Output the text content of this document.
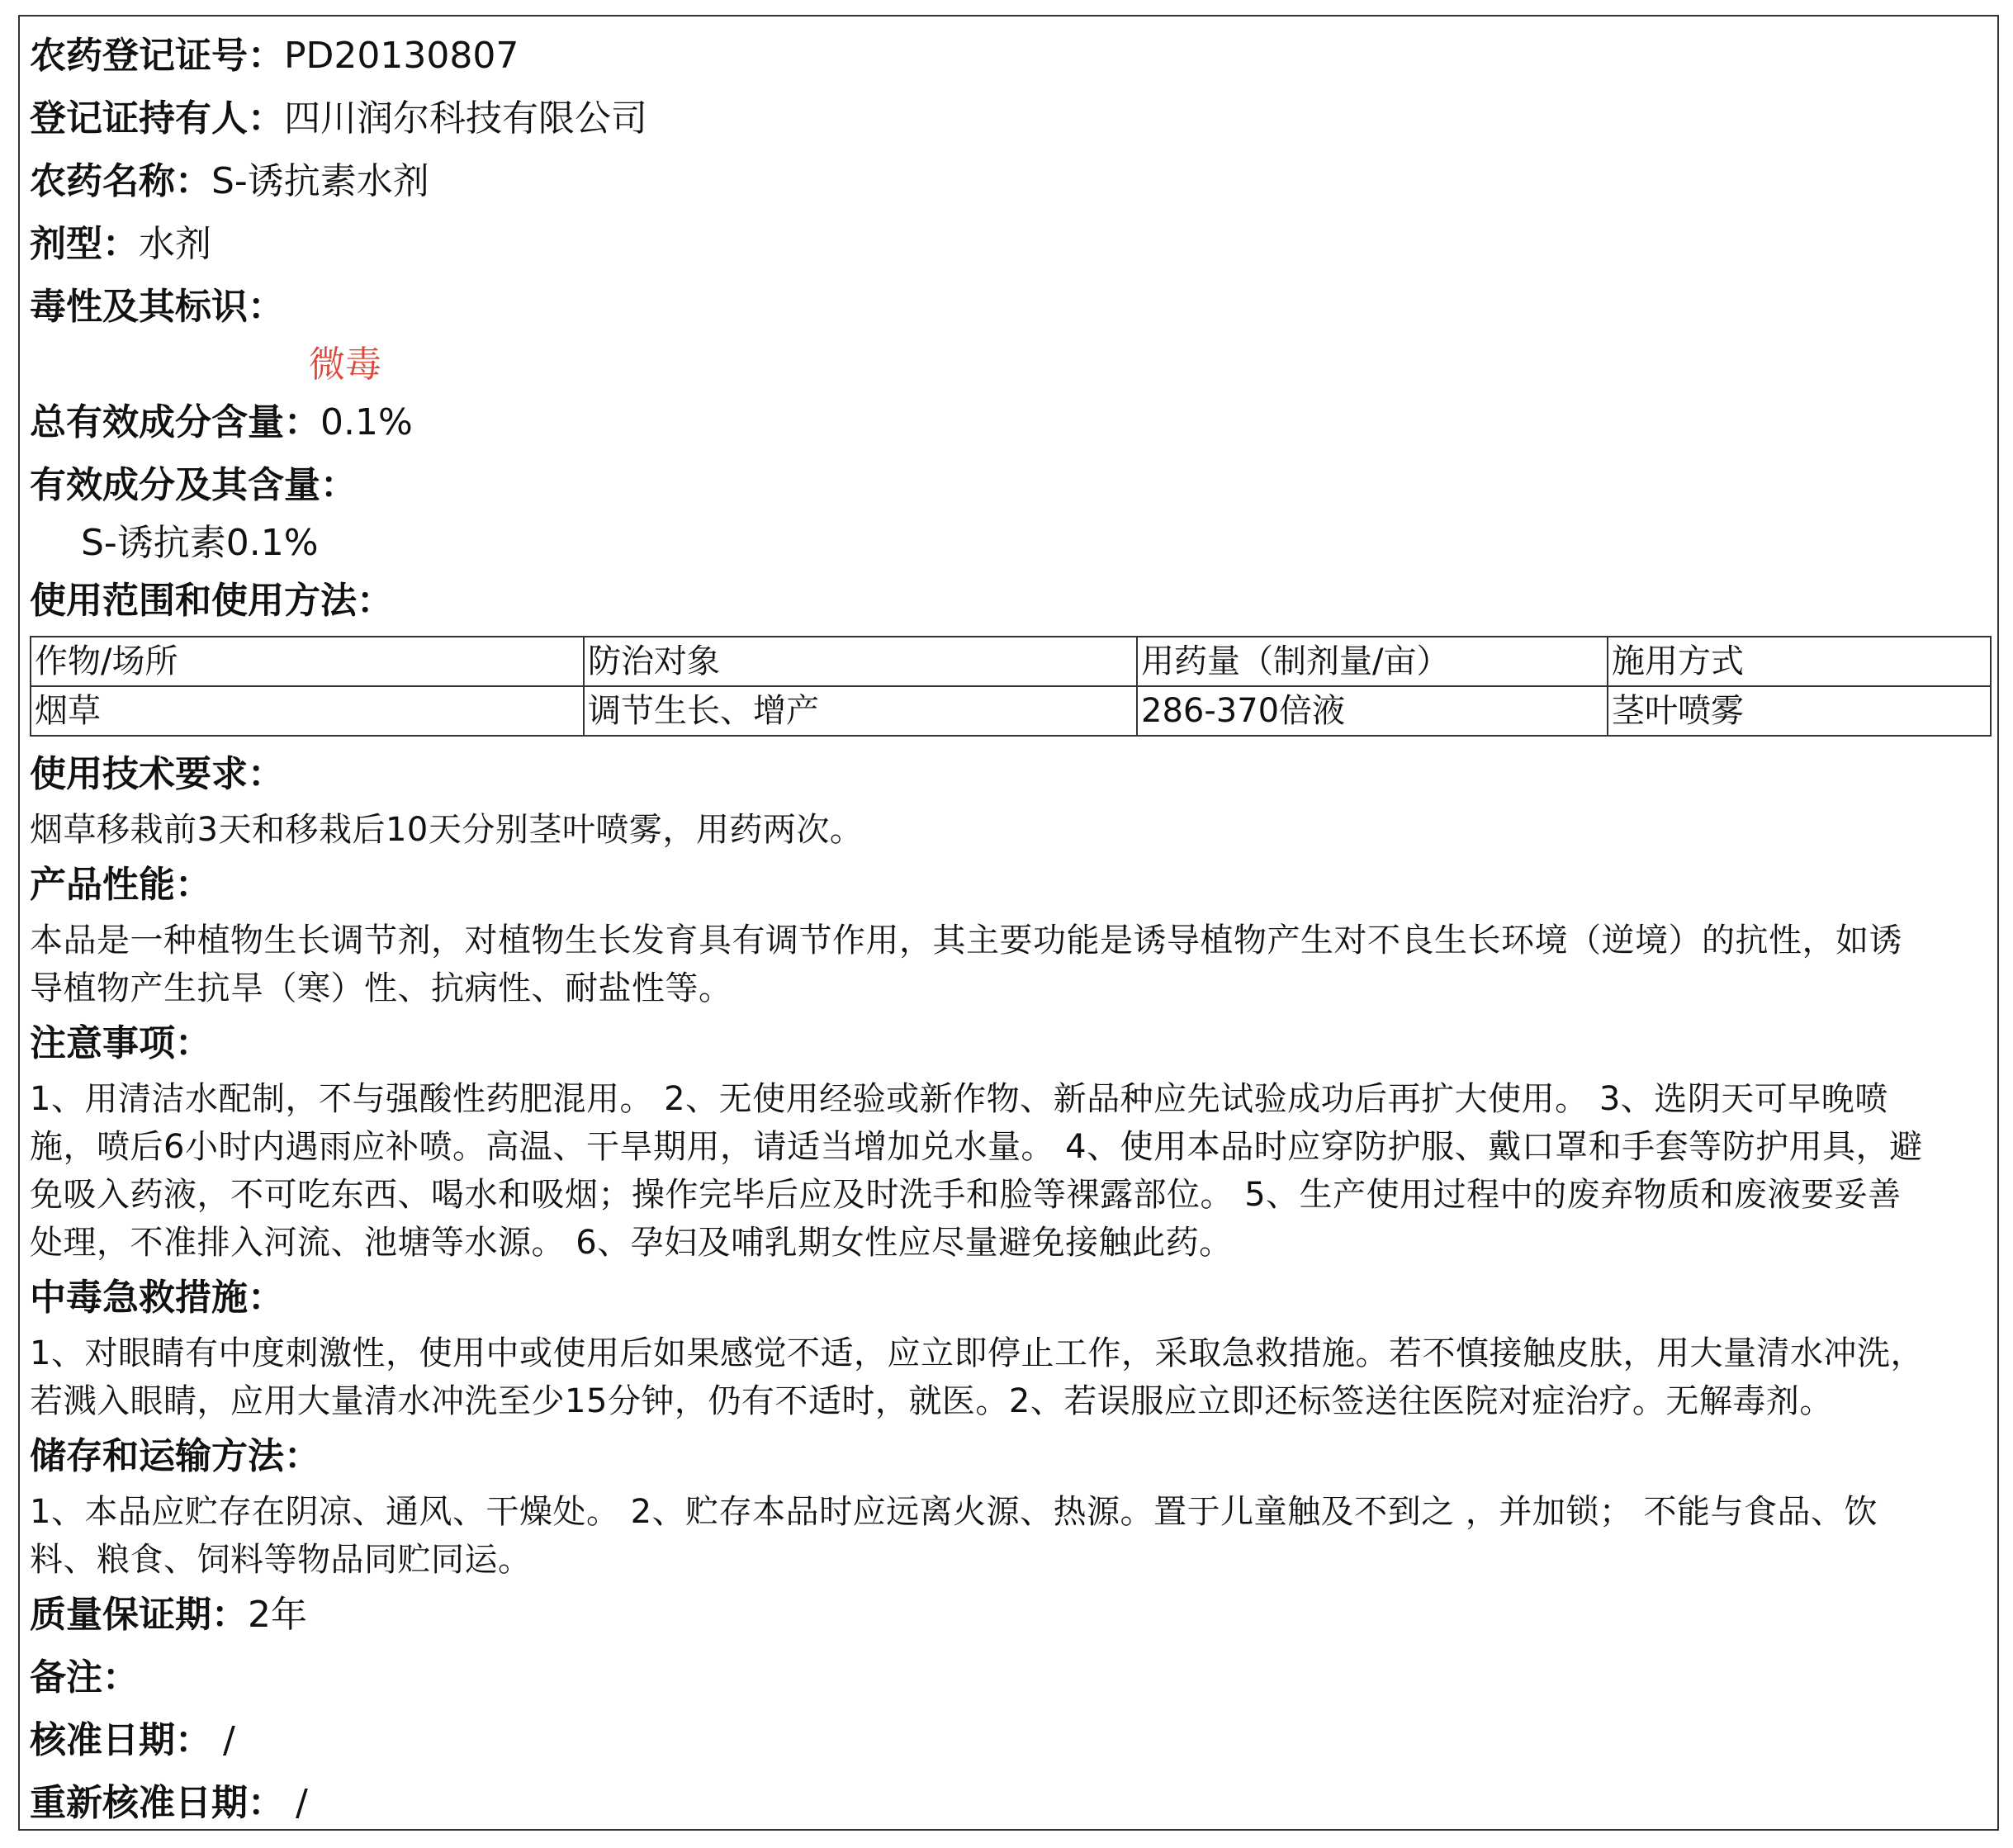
农药登记证号：PD20130807
登记证持有人：四川润尔科技有限公司
农药名称：S-诱抗素水剂
剂型：水剂
毒性及其标识：
微毒
总有效成分含量：0.1%
有效成分及其含量：
S-诱抗素0.1%
使用范围和使用方法：
作物/场所	防治对象	用药量（制剂量/亩）	施用方式
烟草	调节生长、增产	286-370倍液	茎叶喷雾
使用技术要求：
烟草移栽前3天和移栽后10天分别茎叶喷雾，用药两次。
产品性能：
本品是一种植物生长调节剂，对植物生长发育具有调节作用，其主要功能是诱导植物产生对不良生长环境（逆境）的抗性，如诱
导植物产生抗旱（寒）性、抗病性、耐盐性等。
注意事项：
1、用清洁水配制，不与强酸性药肥混用。 2、无使用经验或新作物、新品种应先试验成功后再扩大使用。 3、选阴天可早晚喷
施，喷后6小时内遇雨应补喷。高温、干旱期用，请适当增加兑水量。 4、使用本品时应穿防护服、戴口罩和手套等防护用具，避
免吸入药液，不可吃东西、喝水和吸烟；操作完毕后应及时洗手和脸等裸露部位。 5、生产使用过程中的废弃物质和废液要妥善
处理，不准排入河流、池塘等水源。 6、孕妇及哺乳期女性应尽量避免接触此药。
中毒急救措施：
1、对眼睛有中度刺激性，使用中或使用后如果感觉不适，应立即停止工作，采取急救措施。若不慎接触皮肤，用大量清水冲洗，
若溅入眼睛，应用大量清水冲洗至少15分钟，仍有不适时，就医。2、若误服应立即还标签送往医院对症治疗。无解毒剂。
储存和运输方法：
1、本品应贮存在阴凉、通风、干燥处。 2、贮存本品时应远离火源、热源。置于儿童触及不到之 ，并加锁； 不能与食品、饮
料、粮食、饲料等物品同贮同运。
质量保证期：2年
备注：
核准日期： /
重新核准日期： /
